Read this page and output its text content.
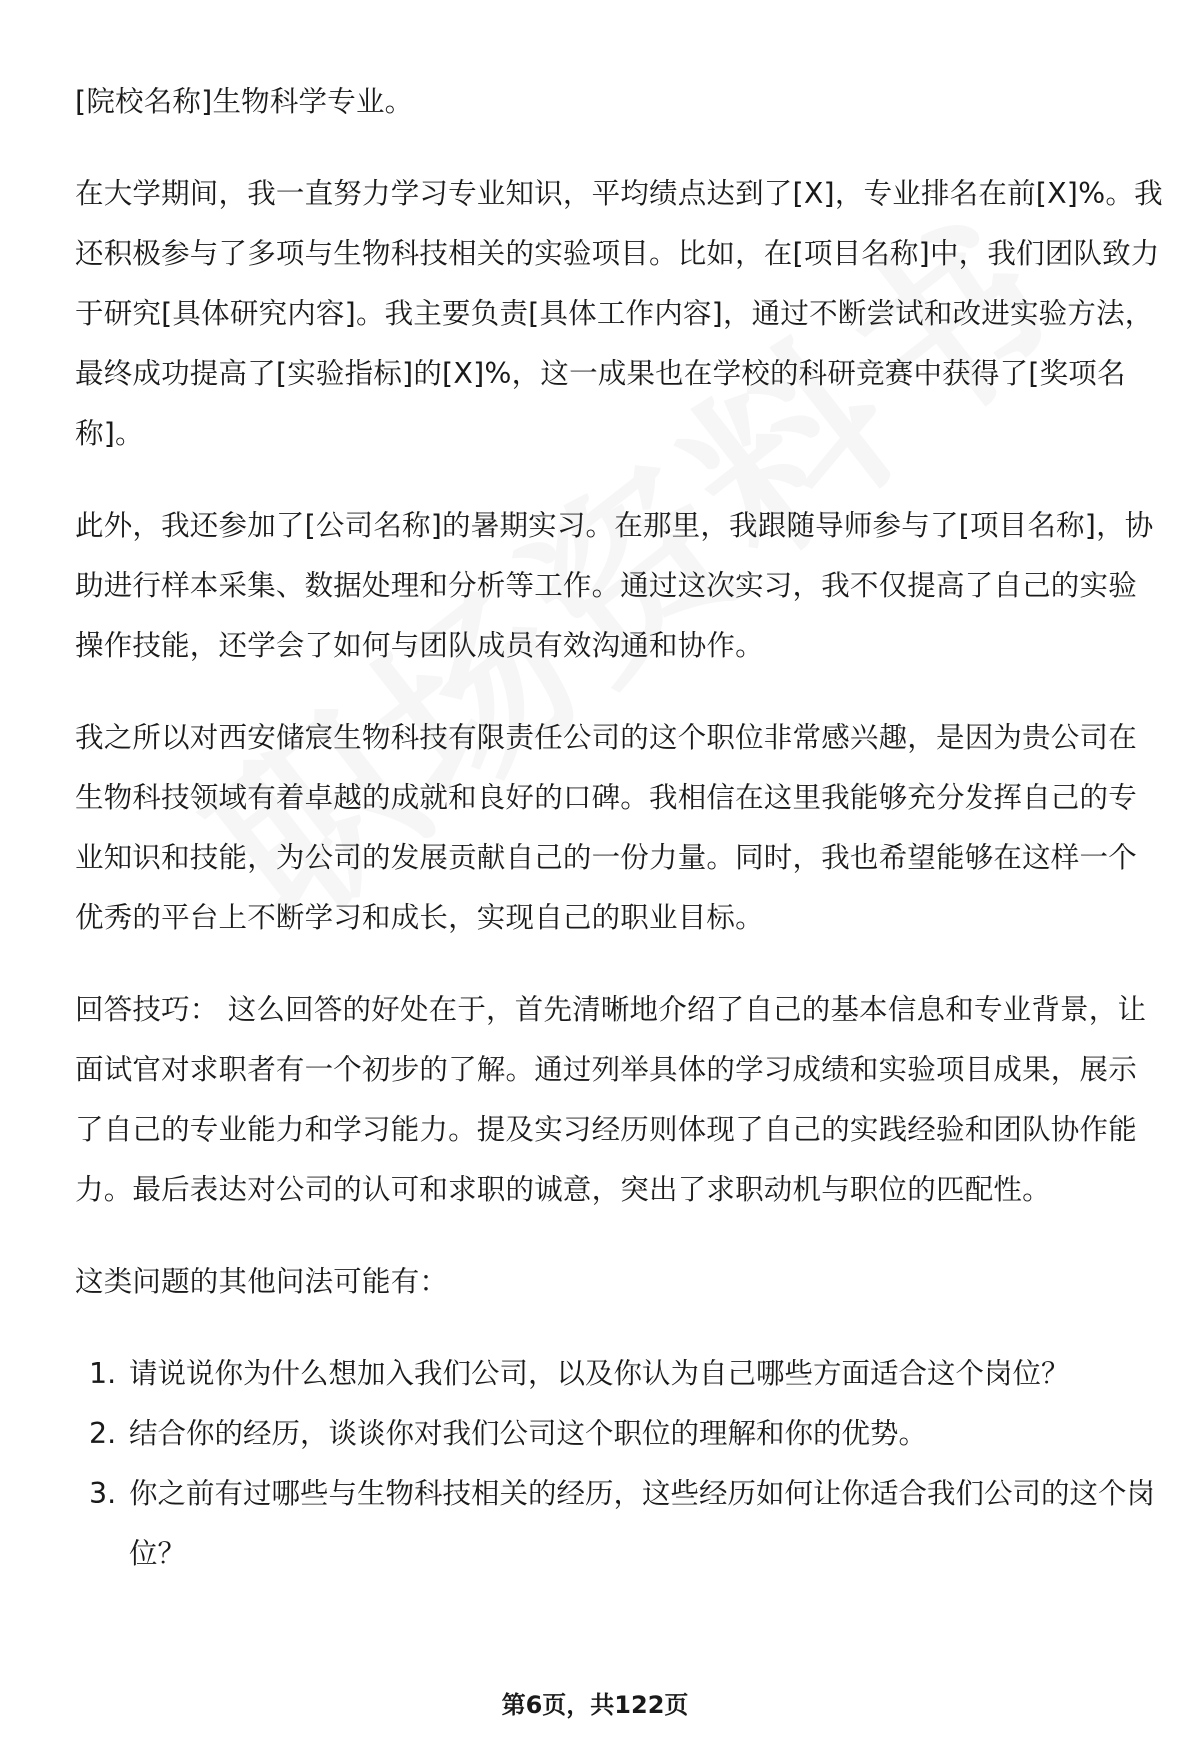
[院校名称]生物科学专业。

在大学期间，我一直努力学习专业知识，平均绩点达到了[X]，专业排名在前[X]%。我还积极参与了多项与生物科技相关的实验项目。比如，在[项目名称]中，我们团队致力于研究[具体研究内容]。我主要负责[具体工作内容]，通过不断尝试和改进实验方法，最终成功提高了[实验指标]的[X]%，这一成果也在学校的科研竞赛中获得了[奖项名称]。

此外，我还参加了[公司名称]的暑期实习。在那里，我跟随导师参与了[项目名称]，协助进行样本采集、数据处理和分析等工作。通过这次实习，我不仅提高了自己的实验操作技能，还学会了如何与团队成员有效沟通和协作。

我之所以对西安储宸生物科技有限责任公司的这个职位非常感兴趣，是因为贵公司在生物科技领域有着卓越的成就和良好的口碑。我相信在这里我能够充分发挥自己的专业知识和技能，为公司的发展贡献自己的一份力量。同时，我也希望能够在这样一个优秀的平台上不断学习和成长，实现自己的职业目标。

回答技巧： 这么回答的好处在于，首先清晰地介绍了自己的基本信息和专业背景，让面试官对求职者有一个初步的了解。通过列举具体的学习成绩和实验项目成果，展示了自己的专业能力和学习能力。提及实习经历则体现了自己的实践经验和团队协作能力。最后表达对公司的认可和求职的诚意，突出了求职动机与职位的匹配性。

这类问题的其他问法可能有：

1. 请说说你为什么想加入我们公司，以及你认为自己哪些方面适合这个岗位？
2. 结合你的经历，谈谈你对我们公司这个职位的理解和你的优势。
3. 你之前有过哪些与生物科技相关的经历，这些经历如何让你适合我们公司的这个岗位？
第6页，共122页
